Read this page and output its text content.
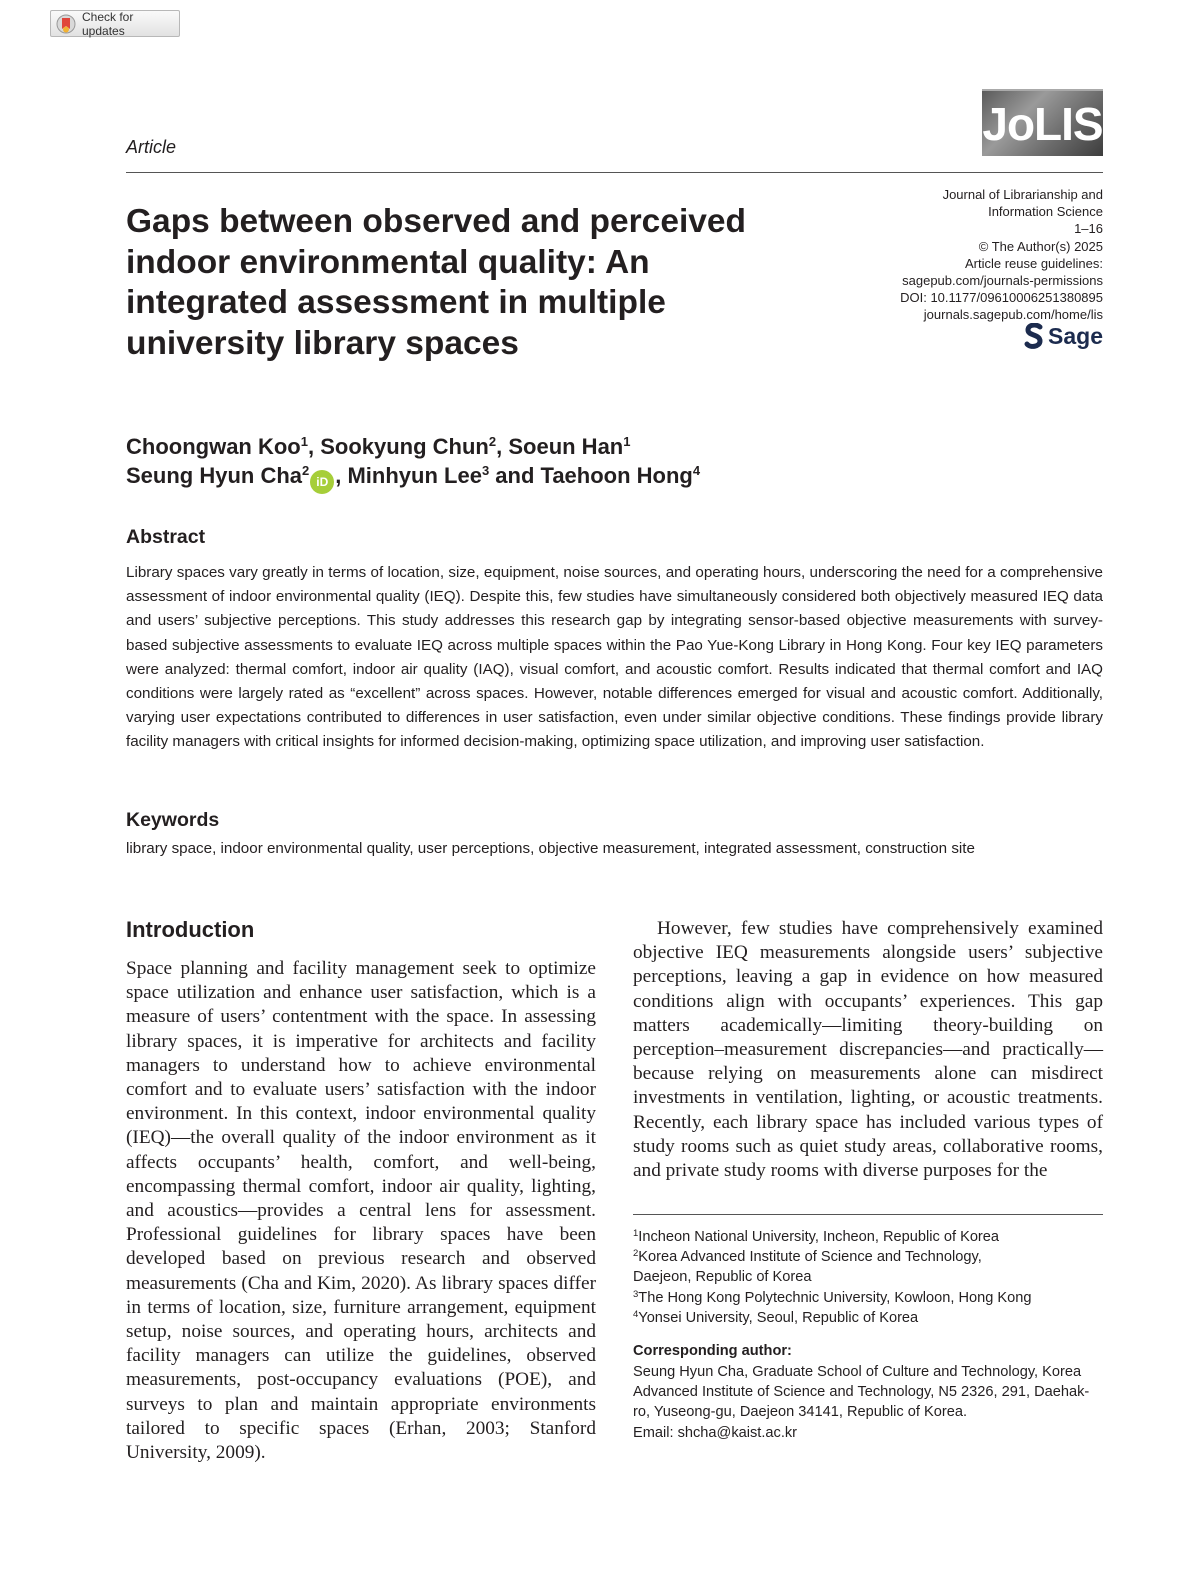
Check for updates
Article	JoLIS
Gaps between observed and perceived indoor environmental quality: An integrated assessment in multiple university library spaces
Journal of Librarianship and
Information Science
1–16
© The Author(s) 2025
Article reuse guidelines:
sagepub.com/journals-permissions
DOI: 10.1177/09610006251380895
journals.sagepub.com/home/lis
Sage
Choongwan Koo$^1$, Sookyung Chun$^2$, Soeun Han$^1$
Seung Hyun Cha$^2$iD , Minhyun Lee$^3$ and Taehoon Hong$^4$
Abstract

Library spaces vary greatly in terms of location, size, equipment, noise sources, and operating hours, underscoring the need for a comprehensive assessment of indoor environmental quality (IEQ). Despite this, few studies have simultaneously considered both objectively measured IEQ data and users’ subjective perceptions. This study addresses this research gap by integrating sensor-based objective measurements with survey-based subjective assessments to evaluate IEQ across multiple spaces within the Pao Yue-Kong Library in Hong Kong. Four key IEQ parameters were analyzed: thermal comfort, indoor air quality (IAQ), visual comfort, and acoustic comfort. Results indicated that thermal comfort and IAQ conditions were largely rated as “excellent” across spaces. However, notable differences emerged for visual and acoustic comfort. Additionally, varying user expectations contributed to differences in user satisfaction, even under similar objective conditions. These findings provide library facility managers with critical insights for informed decision-making, optimizing space utilization, and improving user satisfaction.

Keywords

library space, indoor environmental quality, user perceptions, objective measurement, integrated assessment, construction site

Introduction

Space planning and facility management seek to optimize space utilization and enhance user satisfaction, which is a measure of users’ contentment with the space. In assessing library spaces, it is imperative for architects and facility managers to understand how to achieve environmental comfort and to evaluate users’ satisfaction with the indoor environment. In this context, indoor environmental quality (IEQ)—the overall quality of the indoor environment as it affects occupants’ health, comfort, and well-being, encompassing thermal comfort, indoor air quality, lighting, and acoustics—provides a central lens for assessment. Professional guidelines for library spaces have been developed based on previous research and observed measurements (Cha and Kim, 2020). As library spaces differ in terms of location, size, furniture arrangement, equipment setup, noise sources, and operating hours, architects and facility managers can utilize the guidelines, observed measurements, post-occupancy evaluations (POE), and surveys to plan and maintain appropriate environments tailored to specific spaces (Erhan, 2003; Stanford University, 2009).

However, few studies have comprehensively examined objective IEQ measurements alongside users’ subjective perceptions, leaving a gap in evidence on how measured conditions align with occupants’ experiences. This gap matters academically—limiting theory-building on perception–measurement discrepancies—and practically—because relying on measurements alone can misdirect investments in ventilation, lighting, or acoustic treatments. Recently, each library space has included various types of study rooms such as quiet study areas, collaborative rooms, and private study rooms with diverse purposes for the

$^1$Incheon National University, Incheon, Republic of Korea
$^2$Korea Advanced Institute of Science and Technology,
Daejeon, Republic of Korea
$^3$The Hong Kong Polytechnic University, Kowloon, Hong Kong
$^4$Yonsei University, Seoul, Republic of Korea
Corresponding author:
Seung Hyun Cha, Graduate School of Culture and Technology, Korea
Advanced Institute of Science and Technology, N5 2326, 291, Daehak-
ro, Yuseong-gu, Daejeon 34141, Republic of Korea.
Email: shcha@kaist.ac.kr
